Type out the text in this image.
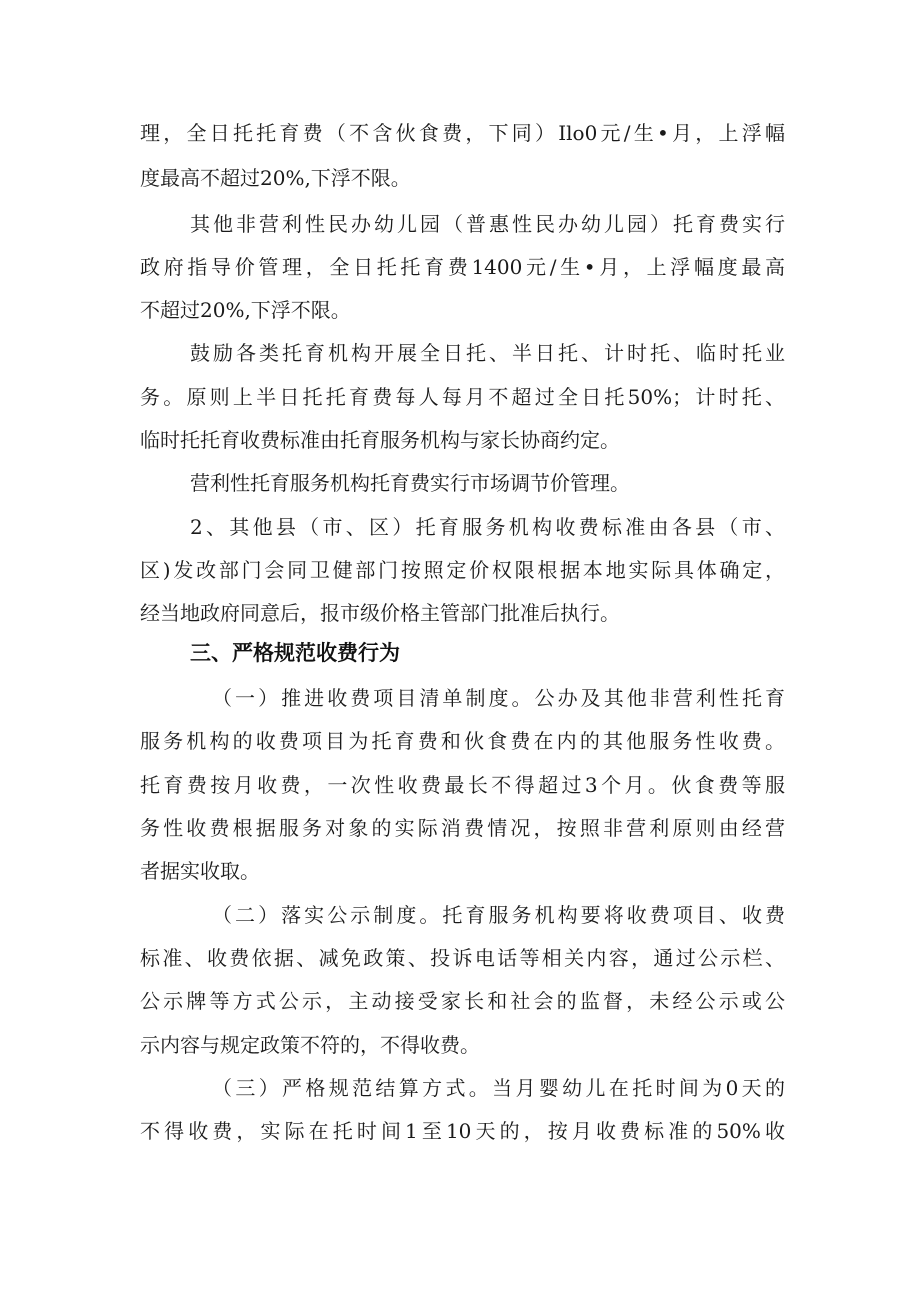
理，全日托托育费（不含伙食费，下同）Ilo0元/生•月，上浮幅
度最高不超过20%,下浮不限。
其他非营利性民办幼儿园（普惠性民办幼儿园）托育费实行
政府指导价管理，全日托托育费1400元/生•月，上浮幅度最高
不超过20%,下浮不限。
鼓励各类托育机构开展全日托、半日托、计时托、临时托业
务。原则上半日托托育费每人每月不超过全日托50%；计时托、
临时托托育收费标准由托育服务机构与家长协商约定。
营利性托育服务机构托育费实行市场调节价管理。
2、其他县（市、区）托育服务机构收费标准由各县（市、
区)发改部门会同卫健部门按照定价权限根据本地实际具体确定，
经当地政府同意后，报市级价格主管部门批准后执行。
三、严格规范收费行为
（一）推进收费项目清单制度。公办及其他非营利性托育
服务机构的收费项目为托育费和伙食费在内的其他服务性收费。
托育费按月收费，一次性收费最长不得超过3个月。伙食费等服
务性收费根据服务对象的实际消费情况，按照非营利原则由经营
者据实收取。
（二）落实公示制度。托育服务机构要将收费项目、收费
标准、收费依据、减免政策、投诉电话等相关内容，通过公示栏、
公示牌等方式公示，主动接受家长和社会的监督，未经公示或公
示内容与规定政策不符的，不得收费。
（三）严格规范结算方式。当月婴幼儿在托时间为0天的
不得收费，实际在托时间1至10天的，按月收费标准的50%收
